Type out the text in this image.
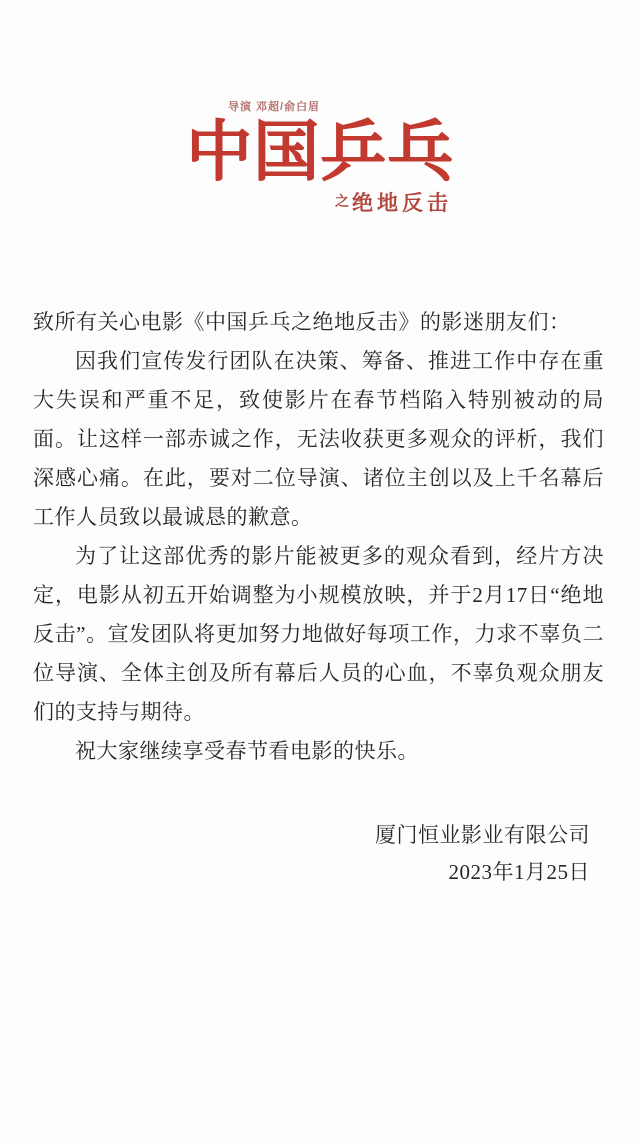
导演 邓超/俞白眉
中国乒乓
之 绝地反击

致所有关心电影《中国乒乓之绝地反击》的影迷朋友们：

因我们宣传发行团队在决策、筹备、推进工作中存在重大失误和严重不足，致使影片在春节档陷入特别被动的局面。让这样一部赤诚之作，无法收获更多观众的评析，我们深感心痛。在此，要对二位导演、诸位主创以及上千名幕后工作人员致以最诚恳的歉意。

为了让这部优秀的影片能被更多的观众看到，经片方决定，电影从初五开始调整为小规模放映，并于2月17日“绝地反击”。宣发团队将更加努力地做好每项工作，力求不辜负二位导演、全体主创及所有幕后人员的心血，不辜负观众朋友们的支持与期待。

祝大家继续享受春节看电影的快乐。

厦门恒业影业有限公司

2023年1月25日
